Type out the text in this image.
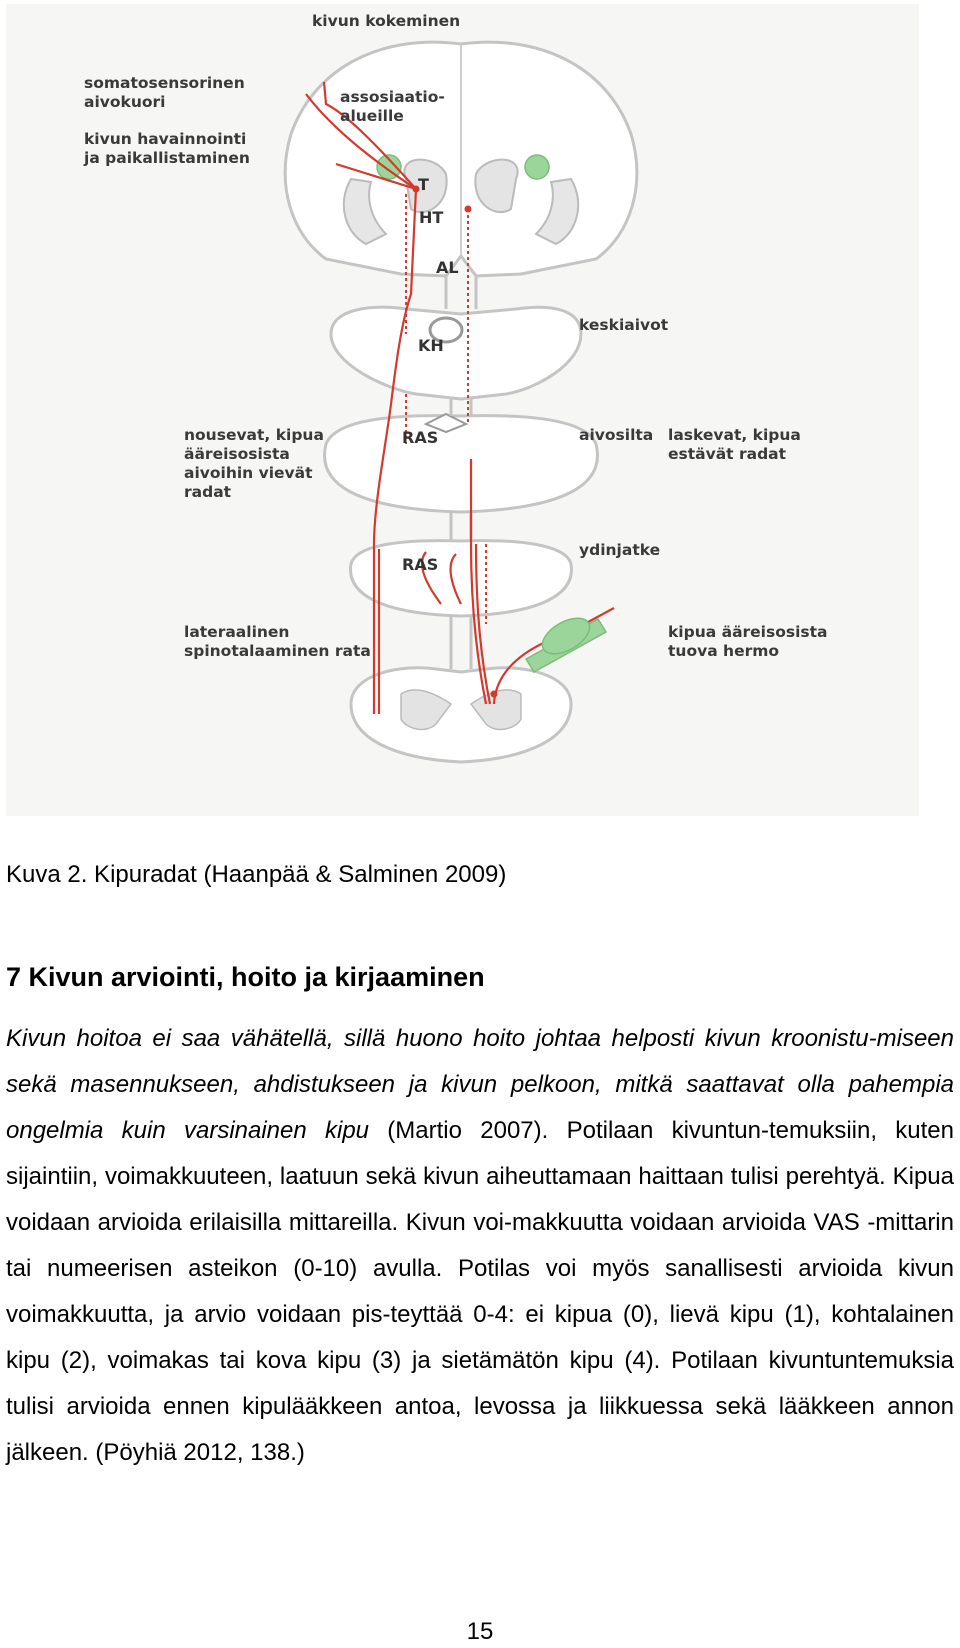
kivun kokeminen
somatosensorinen
aivokuori	assosiaatio-
alueille
kivun havainnointi
ja paikallistaminen
T
HT
AL
keskiaivot
KH
nousevat, kipua
ääreisosista
aivoihin vievät
radat
RAS	aivosilta laskevat, kipua
estävät radat
ydinjatke
RAS
lateraalinen
spinotalaaminen rata
kipua ääreisosista
tuova hermo

Kuva 2. Kipuradat (Haanpää & Salminen 2009)

7 Kivun arviointi, hoito ja kirjaaminen

Kivun hoitoa ei saa vähätellä, sillä huono hoito johtaa helposti kivun kroonistu-miseen sekä masennukseen, ahdistukseen ja kivun pelkoon, mitkä saattavat olla pahempia ongelmia kuin varsinainen kipu (Martio 2007). Potilaan kivuntun-temuksiin, kuten sijaintiin, voimakkuuteen, laatuun sekä kivun aiheuttamaan haittaan tulisi perehtyä. Kipua voidaan arvioida erilaisilla mittareilla. Kivun voi-makkuutta voidaan arvioida VAS -mittarin tai numeerisen asteikon (0-10) avulla. Potilas voi myös sanallisesti arvioida kivun voimakkuutta, ja arvio voidaan pis-teyttää 0-4: ei kipua (0), lievä kipu (1), kohtalainen kipu (2), voimakas tai kova kipu (3) ja sietämätön kipu (4). Potilaan kivuntuntemuksia tulisi arvioida ennen kipulääkkeen antoa, levossa ja liikkuessa sekä lääkkeen annon jälkeen. (Pöyhiä 2012, 138.)

15
